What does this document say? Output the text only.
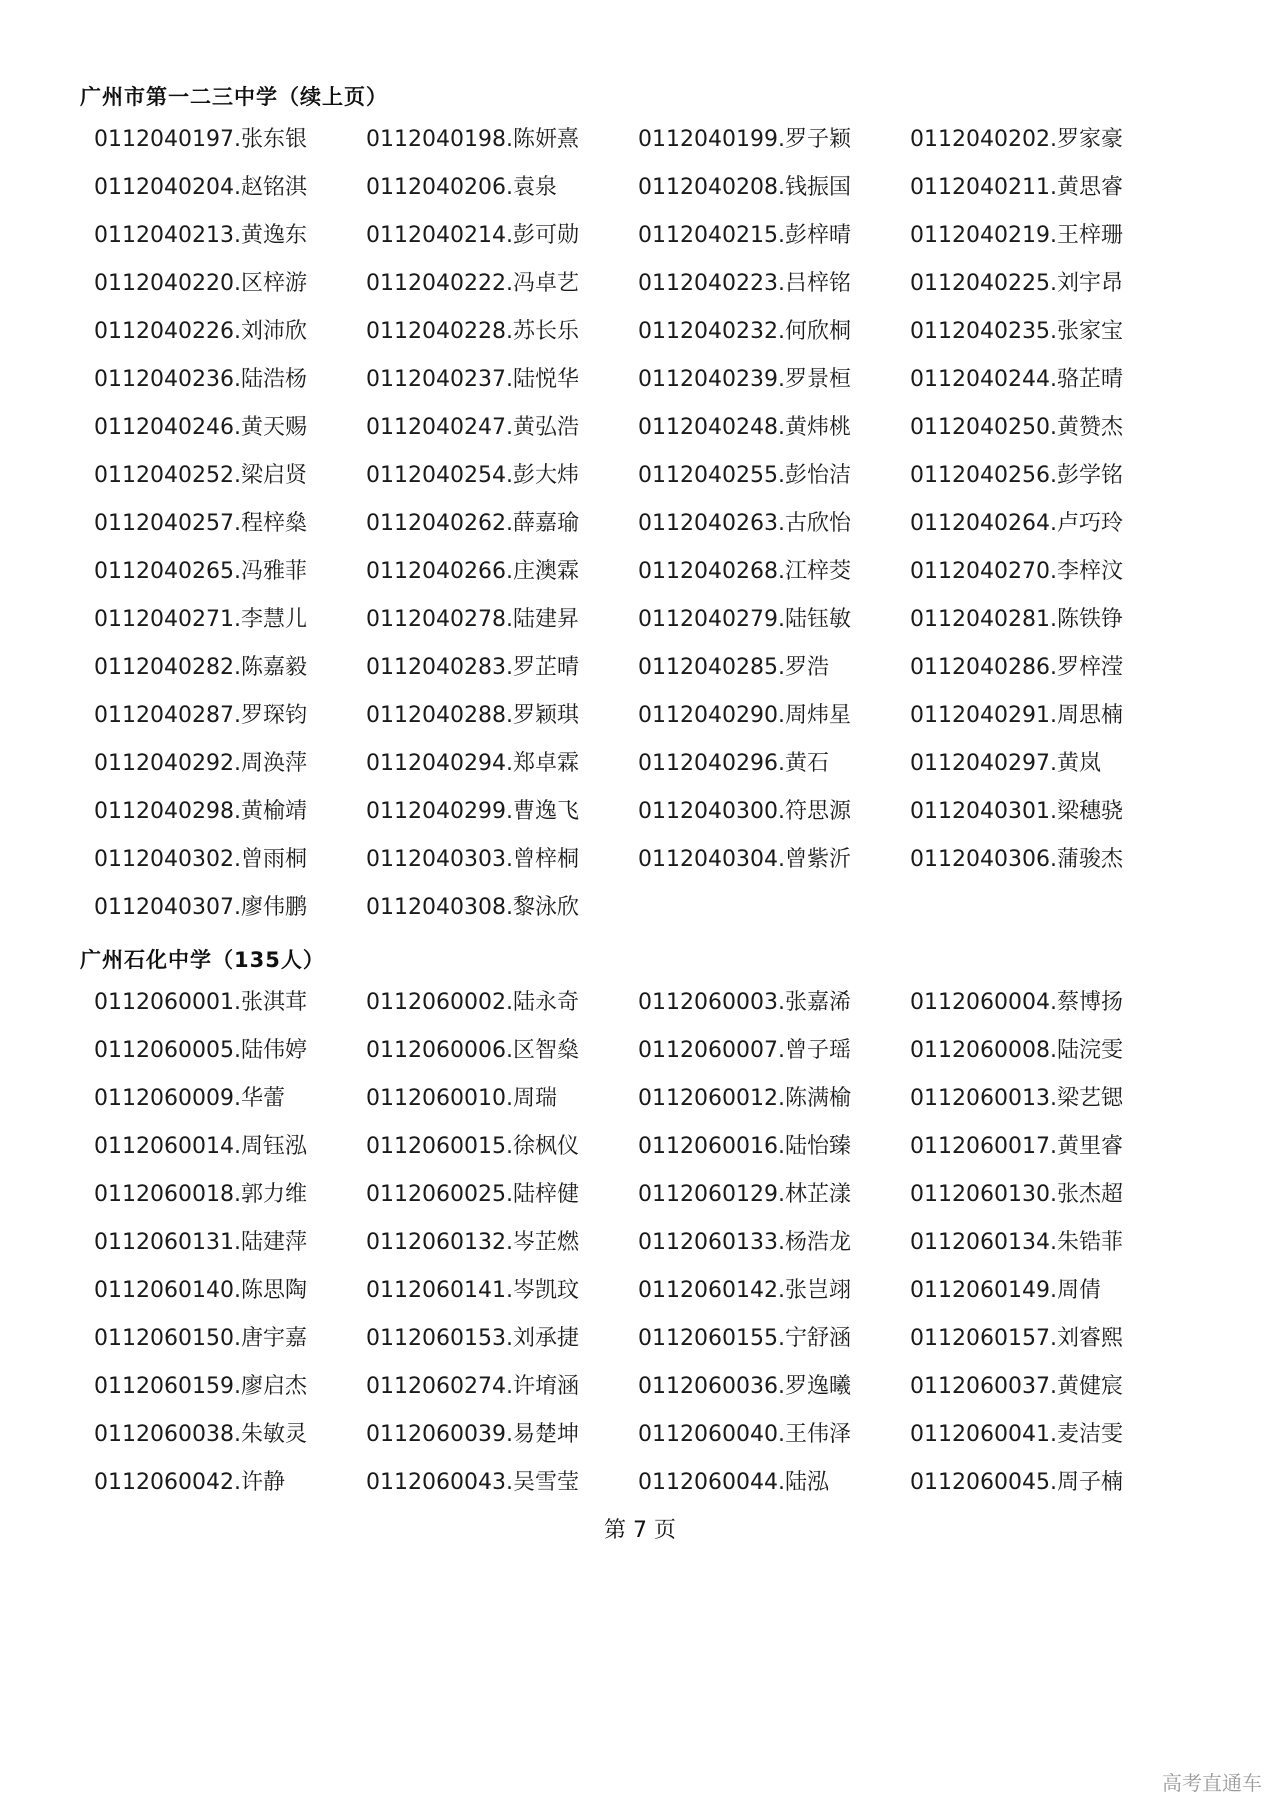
广州市第一二三中学（续上页）
0112040197.张东银	0112040198.陈妍熹	0112040199.罗子颖	0112040202.罗家豪
0112040204.赵铭淇	0112040206.袁泉	0112040208.钱振国	0112040211.黄思睿
0112040213.黄逸东	0112040214.彭可勋	0112040215.彭梓晴	0112040219.王梓珊
0112040220.区梓游	0112040222.冯卓艺	0112040223.吕梓铭	0112040225.刘宇昂
0112040226.刘沛欣	0112040228.苏长乐	0112040232.何欣桐	0112040235.张家宝
0112040236.陆浩杨	0112040237.陆悦华	0112040239.罗景桓	0112040244.骆芷晴
0112040246.黄天赐	0112040247.黄弘浩	0112040248.黄炜桃	0112040250.黄赞杰
0112040252.梁启贤	0112040254.彭大炜	0112040255.彭怡洁	0112040256.彭学铭
0112040257.程梓燊	0112040262.薛嘉瑜	0112040263.古欣怡	0112040264.卢巧玲
0112040265.冯雅菲	0112040266.庄澳霖	0112040268.江梓茭	0112040270.李梓汶
0112040271.李慧儿	0112040278.陆建昇	0112040279.陆钰敏	0112040281.陈铁铮
0112040282.陈嘉毅	0112040283.罗芷晴	0112040285.罗浩	0112040286.罗梓滢
0112040287.罗琛钧	0112040288.罗颖琪	0112040290.周炜星	0112040291.周思楠
0112040292.周涣萍	0112040294.郑卓霖	0112040296.黄石	0112040297.黄岚
0112040298.黄榆靖	0112040299.曹逸飞	0112040300.符思源	0112040301.梁穗骁
0112040302.曾雨桐	0112040303.曾梓桐	0112040304.曾紫沂	0112040306.蒲骏杰
0112040307.廖伟鹏	0112040308.黎泳欣
广州石化中学（135人）
0112060001.张淇茸	0112060002.陆永奇	0112060003.张嘉浠	0112060004.蔡博扬
0112060005.陆伟婷	0112060006.区智燊	0112060007.曾子瑶	0112060008.陆浣雯
0112060009.华蕾	0112060010.周瑞	0112060012.陈满榆	0112060013.梁艺锶
0112060014.周钰泓	0112060015.徐枫仪	0112060016.陆怡臻	0112060017.黄里睿
0112060018.郭力维	0112060025.陆梓健	0112060129.林芷漾	0112060130.张杰超
0112060131.陆建萍	0112060132.岑芷燃	0112060133.杨浩龙	0112060134.朱锆菲
0112060140.陈思陶	0112060141.岑凯玟	0112060142.张岂翊	0112060149.周倩
0112060150.唐宇嘉	0112060153.刘承捷	0112060155.宁舒涵	0112060157.刘睿熙
0112060159.廖启杰	0112060274.许堉涵	0112060036.罗逸曦	0112060037.黄健宸
0112060038.朱敏灵	0112060039.易楚坤	0112060040.王伟泽	0112060041.麦洁雯
0112060042.许静	0112060043.吴雪莹	0112060044.陆泓	0112060045.周子楠
第 7 页
高考直通车
